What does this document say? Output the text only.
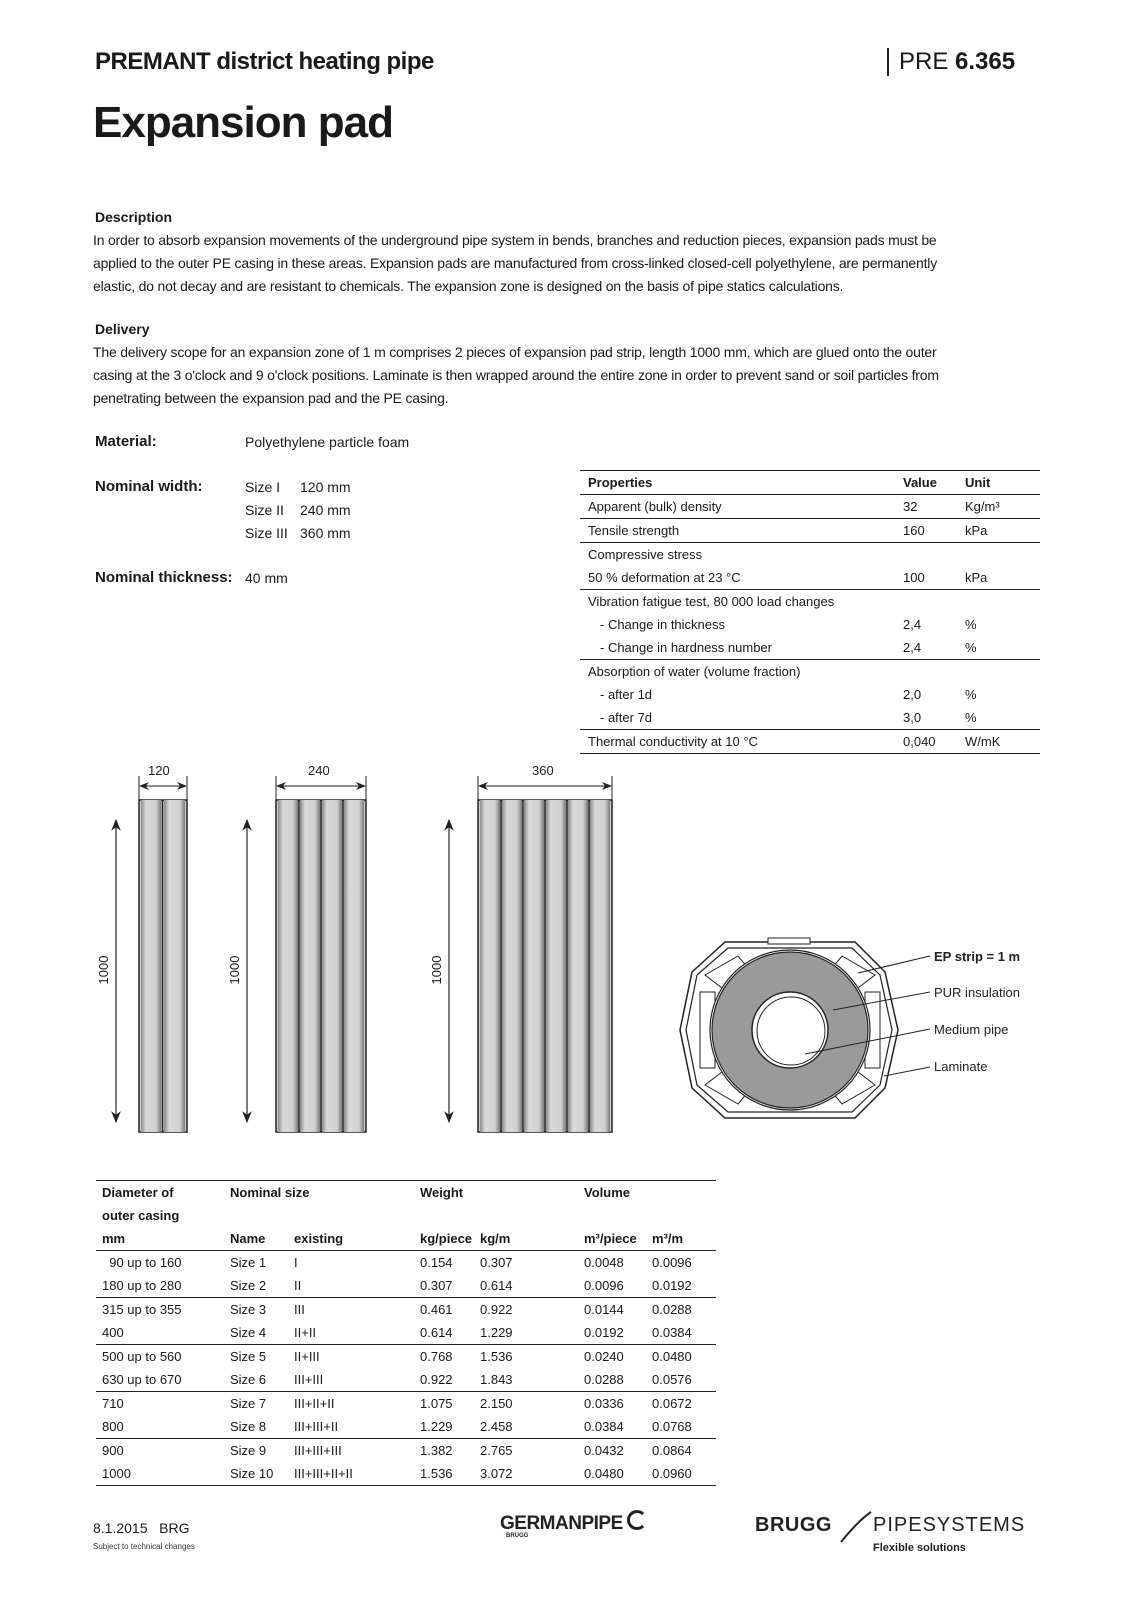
PREMANT district heating pipe	PRE 6.365
Expansion pad
Description
In order to absorb expansion movements of the underground pipe system in bends, branches and reduction pieces, expansion pads must be
applied to the outer PE casing in these areas. Expansion pads are manufactured from cross-linked closed-cell polyethylene, are permanently
elastic, do not decay and are resistant to chemicals. The expansion zone is designed on the basis of pipe statics calculations.
Delivery
The delivery scope for an expansion zone of 1 m comprises 2 pieces of expansion pad strip, length 1000 mm, which are glued onto the outer
casing at the 3 o'clock and 9 o'clock positions. Laminate is then wrapped around the entire zone in order to prevent sand or soil particles from
penetrating between the expansion pad and the PE casing.
Material:	Polyethylene particle foam
Nominal width:	Size I 120 mm
Size II 240 mm
Size III 360 mm
Nominal thickness: 40 mm
Properties	Value	Unit
Apparent (bulk) density	32	Kg/m³
Tensile strength	160	kPa
Compressive stress		
50 % deformation at 23 °C	100	kPa
Vibration fatigue test, 80 000 load changes		
- Change in thickness	2,4	%
- Change in hardness number	2,4	%
Absorption of water (volume fraction)		
- after 1d	2,0	%
- after 7d	3,0	%
Thermal conductivity at 10 °C	0,040	W/mK
120
1000
240
1000
360
1000	EP strip = 1 m
PUR insulation
Medium pipe
Laminate
Diameter of	Nominal size		Weight		Volume	
outer casing						
mm	Name	existing	kg/piece	kg/m	m³/piece	m³/m
90 up to 160	Size 1	I	0.154	0.307	0.0048	0.0096
180 up to 280	Size 2	II	0.307	0.614	0.0096	0.0192
315 up to 355	Size 3	III	0.461	0.922	0.0144	0.0288
400	Size 4	II+II	0.614	1.229	0.0192	0.0384
500 up to 560	Size 5	II+III	0.768	1.536	0.0240	0.0480
630 up to 670	Size 6	III+III	0.922	1.843	0.0288	0.0576
710	Size 7	III+II+II	1.075	2.150	0.0336	0.0672
800	Size 8	III+III+II	1.229	2.458	0.0384	0.0768
900	Size 9	III+III+III	1.382	2.765	0.0432	0.0864
1000	Size 10	III+III+II+II	1.536	3.072	0.0480	0.0960
8.1.2015   BRG
Subject to technical changes
GERMANPIPE
BRUGG	BRUGG PIPESYSTEMS
Flexible solutions
